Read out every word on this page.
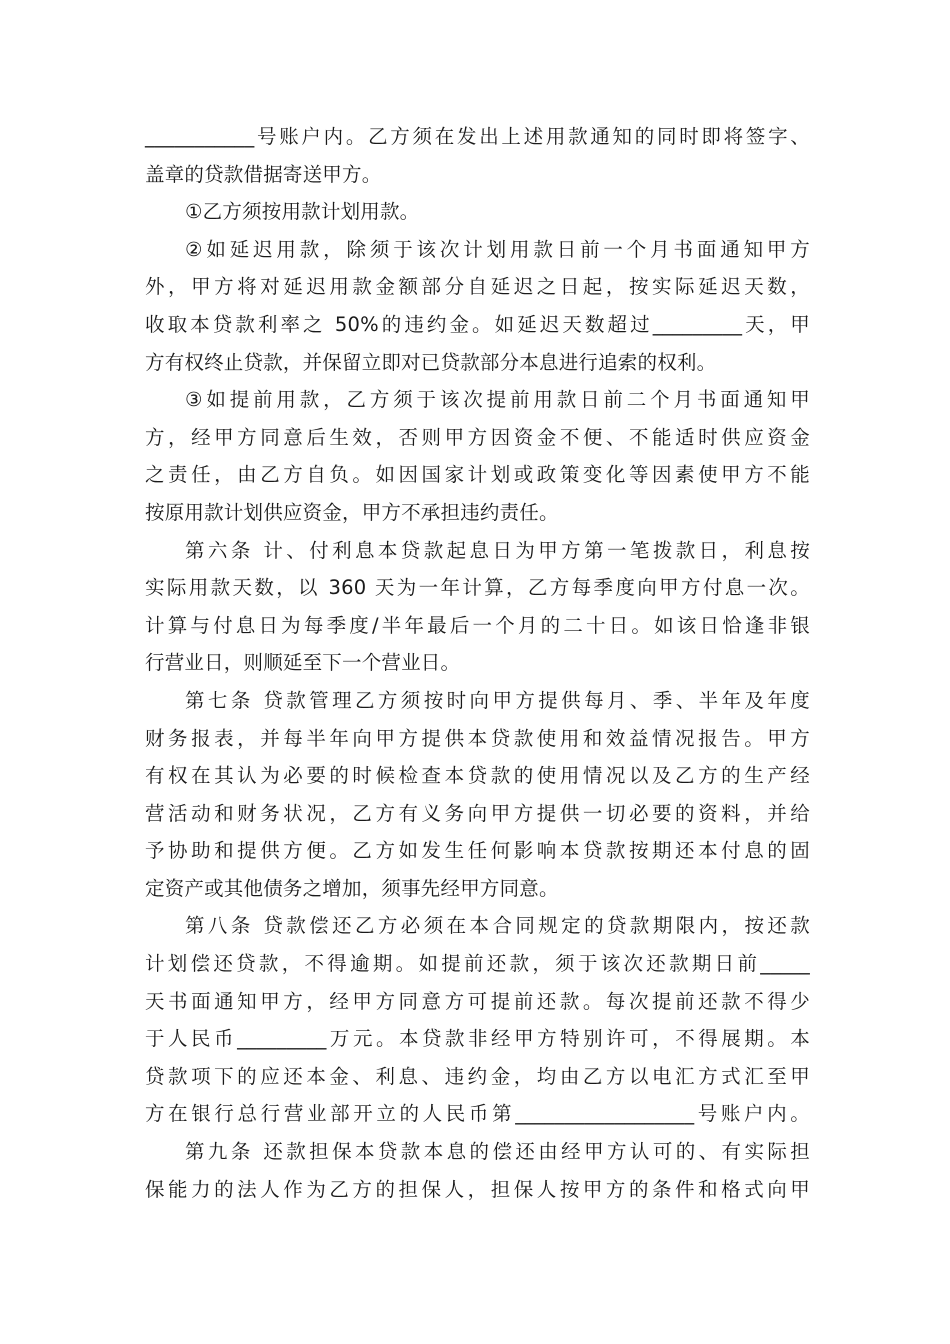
___________号账户内。乙方须在发出上述用款通知的同时即将签字、
盖章的贷款借据寄送甲方。
①乙方须按用款计划用款。
②如延迟用款，除须于该次计划用款日前一个月书面通知甲方
外，甲方将对延迟用款金额部分自延迟之日起，按实际延迟天数，
收取本贷款利率之 50%的违约金。如延迟天数超过_________天，甲
方有权终止贷款，并保留立即对已贷款部分本息进行追索的权利。
③如提前用款，乙方须于该次提前用款日前二个月书面通知甲
方，经甲方同意后生效，否则甲方因资金不便、不能适时供应资金
之责任，由乙方自负。如因国家计划或政策变化等因素使甲方不能
按原用款计划供应资金，甲方不承担违约责任。
第六条 计、付利息本贷款起息日为甲方第一笔拨款日，利息按
实际用款天数，以 360 天为一年计算，乙方每季度向甲方付息一次。
计算与付息日为每季度/半年最后一个月的二十日。如该日恰逢非银
行营业日，则顺延至下一个营业日。
第七条 贷款管理乙方须按时向甲方提供每月、季、半年及年度
财务报表，并每半年向甲方提供本贷款使用和效益情况报告。甲方
有权在其认为必要的时候检查本贷款的使用情况以及乙方的生产经
营活动和财务状况，乙方有义务向甲方提供一切必要的资料，并给
予协助和提供方便。乙方如发生任何影响本贷款按期还本付息的固
定资产或其他债务之增加，须事先经甲方同意。
第八条 贷款偿还乙方必须在本合同规定的贷款期限内，按还款
计划偿还贷款，不得逾期。如提前还款，须于该次还款期日前_____
天书面通知甲方，经甲方同意方可提前还款。每次提前还款不得少
于人民币_________万元。本贷款非经甲方特别许可，不得展期。本
贷款项下的应还本金、利息、违约金，均由乙方以电汇方式汇至甲
方在银行总行营业部开立的人民币第__________________号账户内。
第九条 还款担保本贷款本息的偿还由经甲方认可的、有实际担
保能力的法人作为乙方的担保人，担保人按甲方的条件和格式向甲
